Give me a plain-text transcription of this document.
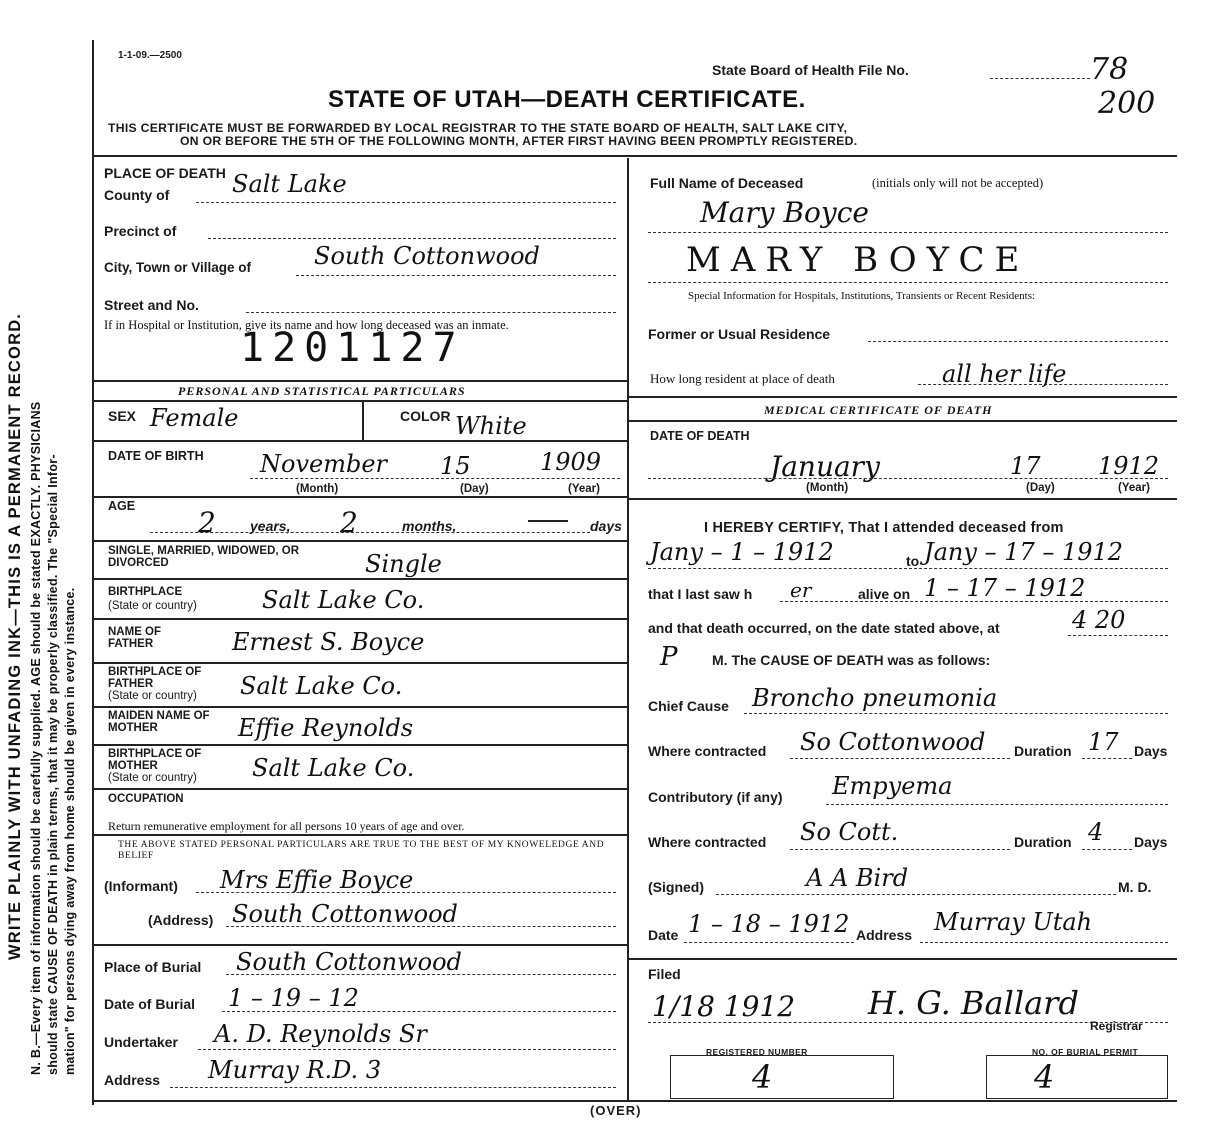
WRITE PLAINLY WITH UNFADING INK—THIS IS A PERMANENT RECORD. N. B.—Every item of information should be carefully supplied. AGE should be stated EXACTLY. PHYSICIANS should state CAUSE OF DEATH in plain terms, that it may be properly classified. The "Special Infor- mation" for persons dying away from home should be given in every instance.
1-1-09.—2500
State Board of Health File No.	78
200
STATE OF UTAH—DEATH CERTIFICATE.
THIS CERTIFICATE MUST BE FORWARDED BY LOCAL REGISTRAR TO THE STATE BOARD OF HEALTH, SALT LAKE CITY,
ON OR BEFORE THE 5TH OF THE FOLLOWING MONTH, AFTER FIRST HAVING BEEN PROMPTLY REGISTERED.
PLACE OF DEATH
County of	Salt Lake
Precinct of
City, Town or Village of	South Cottonwood
Street and No.
If in Hospital or Institution, give its name and how long deceased was an inmate.
1201127
PERSONAL AND STATISTICAL PARTICULARS
SEX Female	COLOR White
DATE OF BIRTH November 15	1909
(Month)	(Day)	(Year)
AGE 2 years, 2	months,	days
SINGLE, MARRIED, WIDOWED, OR DIVORCED	Single
BIRTHPLACE
(State or country)	Salt Lake Co.
NAME OF FATHER	Ernest S. Boyce
BIRTHPLACE OF FATHER
(State or country) Salt Lake Co.
MAIDEN NAME OF MOTHER	Effie Reynolds
BIRTHPLACE OF MOTHER
(State or country) Salt Lake Co.
OCCUPATION
Return remunerative employment for all persons 10 years of age and over.
THE ABOVE STATED PERSONAL PARTICULARS ARE TRUE TO THE BEST OF MY KNOWELEDGE AND BELIEF
(Informant) Mrs Effie Boyce
(Address) South Cottonwood
Place of Burial South Cottonwood
Date of Burial 1 – 19 – 12
Undertaker A. D. Reynolds Sr
Address Murray R.D. 3
Full Name of Deceased	(initials only will not be accepted)
Mary Boyce
MARY BOYCE
Special Information for Hospitals, Institutions, Transients or Recent Residents:
Former or Usual Residence
How long resident at place of death	all her life
MEDICAL CERTIFICATE OF DEATH
DATE OF DEATH
January	17 1912
(Month)	(Day)	(Year)
I HEREBY CERTIFY, That I attended deceased from
Jany – 1 – 1912	to Jany – 17 – 1912
that I last saw h er	alive on 1 – 17 – 1912
and that death occurred, on the date stated above, at	4 20
P M. The CAUSE OF DEATH was as follows:
Chief Cause Broncho pneumonia
Where contracted So Cottonwood Duration 17 Days
Contributory (if any) Empyema
Where contracted So Cott.	Duration 4 Days
(Signed)	A A Bird	M. D.
Date 1 – 18 – 1912 Address Murray Utah
Filed
1/18 1912 H. G. Ballard
Registrar
REGISTERED NUMBER
4
NO. OF BURIAL PERMIT
4
(OVER)
